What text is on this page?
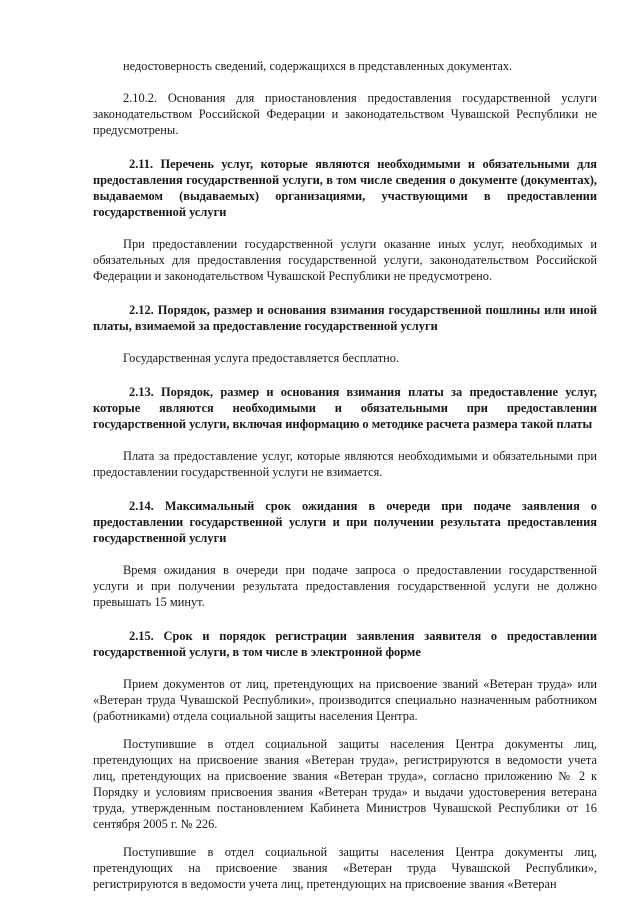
недостоверность сведений, содержащихся в представленных документах.

2.10.2. Основания для приостановления предоставления государственной услуги законодательством Российской Федерации и законодательством Чувашской Республики не предусмотрены.

2.11. Перечень услуг, которые являются необходимыми и обязательными для предоставления государственной услуги, в том числе сведения о документе (документах), выдаваемом (выдаваемых) организациями, участвующими в предоставлении государственной услуги

При предоставлении государственной услуги оказание иных услуг, необходимых и обязательных для предоставления государственной услуги, законодательством Российской Федерации и законодательством Чувашской Республики не предусмотрено.

2.12. Порядок, размер и основания взимания государственной пошлины или иной платы, взимаемой за предоставление государственной услуги

Государственная услуга предоставляется бесплатно.

2.13. Порядок, размер и основания взимания платы за предоставление услуг, которые являются необходимыми и обязательными при предоставлении государственной услуги, включая информацию о методике расчета размера такой платы

Плата за предоставление услуг, которые являются необходимыми и обязательными при предоставлении государственной услуги не взимается.

2.14. Максимальный срок ожидания в очереди при подаче заявления о предоставлении государственной услуги и при получении результата предоставления государственной услуги

Время ожидания в очереди при подаче запроса о предоставлении государственной услуги и при получении результата предоставления государственной услуги не должно превышать 15 минут.

2.15. Срок и порядок регистрации заявления заявителя о предоставлении государственной услуги, в том числе в электронной форме

Прием документов от лиц, претендующих на присвоение званий «Ветеран труда» или «Ветеран труда Чувашской Республики», производится специально назначенным работником (работниками) отдела социальной защиты населения Центра.

Поступившие в отдел социальной защиты населения Центра документы лиц, претендующих на присвоение звания «Ветеран труда», регистрируются в ведомости учета лиц, претендующих на присвоение звания «Ветеран труда», согласно приложению № 2 к Порядку и условиям присвоения звания «Ветеран труда» и выдачи удостоверения ветерана труда, утвержденным постановлением Кабинета Министров Чувашской Республики от 16 сентября 2005 г. № 226.

Поступившие в отдел социальной защиты населения Центра документы лиц, претендующих на присвоение звания «Ветеран труда Чувашской Республики», регистрируются в ведомости учета лиц, претендующих на присвоение звания «Ветеран
